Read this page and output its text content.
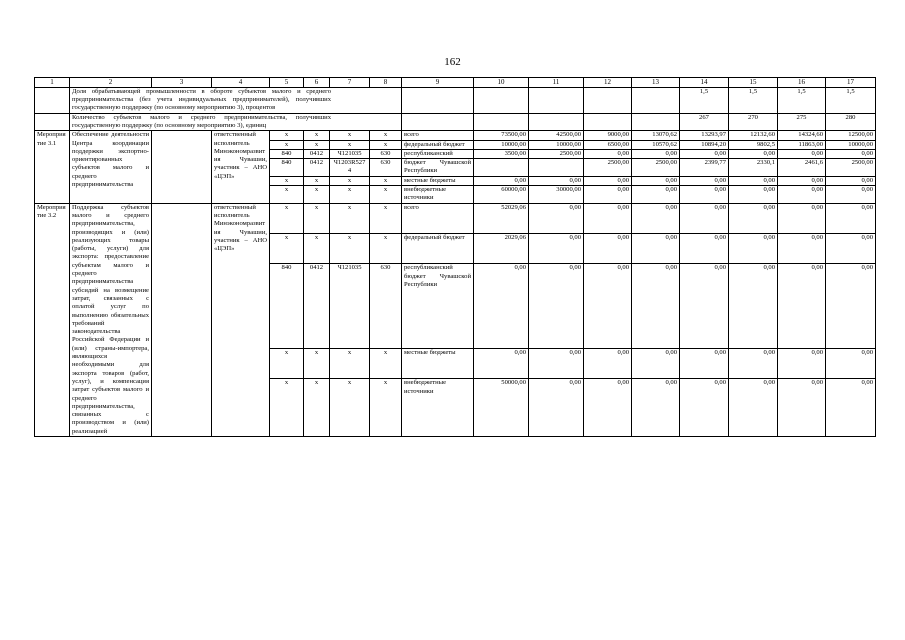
162
1	2	3	4	5	6	7	8	9	10	11	12	13	14	15	16	17
	Доля обрабатывающей промышленности в обороте субъектов малого и среднего предпринимательства (без учета индивидуальных предпринимателей), получивших государственную поддержку (по основному мероприятию 3), процентов												1,5	1,5	1,5	1,5
	Количество субъектов малого и среднего предпринимательства, получивших государственную поддержку (по основному мероприятию 3), единиц												267	270	275	280
Мероприятие 3.1	Обеспечение деятельности Центра координации поддержки экспортно-ориентированных субъектов малого и среднего предпринимательства		ответственный исполнитель Минэкономразвития Чувашии, участник – АНО «ЦЭП»	x	x	x	x	всего	73500,00	42500,00	9000,00	13070,62	13293,97	12132,60	14324,60	12500,00
				x	x	x	x	федеральный бюджет	10000,00	10000,00	6500,00	10570,62	10894,20	9802,5	11863,00	10000,00
				840	0412	Ч121035	630	республиканский	3500,00	2500,00	0,00	0,00	0,00	0,00	0,00	0,00
				840	0412	Ч1203R5274	630	бюджет Чувашской Республики			2500,00	2500,00	2399,77	2330,1	2461,6	2500,00
				x	x	x	x	местные бюджеты	0,00	0,00	0,00	0,00	0,00	0,00	0,00	0,00
				x	x	x	x	внебюджетные источники	60000,00	30000,00	0,00	0,00	0,00	0,00	0,00	0,00
Мероприятие 3.2	Поддержка субъектов малого и среднего предпринимательства, производящих и (или) реализующих товары (работы, услуги) для экспорта: предоставление субъектам малого и среднего предпринимательства субсидий на возмещение затрат, связанных с оплатой услуг по выполнению обязательных требований законодательства Российской Федерации и (или) страны-импортера, являющихся необходимыми для экспорта товаров (работ, услуг), и компенсация затрат субъектов малого и среднего предпринимательства, связанных с производством и (или) реализацией		ответственный исполнитель Минэкономразвития Чувашии, участник – АНО «ЦЭП»	x	x	x	x	всего	52029,06	0,00	0,00	0,00	0,00	0,00	0,00	0,00
				x	x	x	x	федеральный бюджет	2029,06	0,00	0,00	0,00	0,00	0,00	0,00	0,00
				840	0412	Ч121035	630	республиканский бюджет Чувашской Республики	0,00	0,00	0,00	0,00	0,00	0,00	0,00	0,00
				x	x	x	x	местные бюджеты	0,00	0,00	0,00	0,00	0,00	0,00	0,00	0,00
				x	x	x	x	внебюджетные источники	50000,00	0,00	0,00	0,00	0,00	0,00	0,00	0,00
